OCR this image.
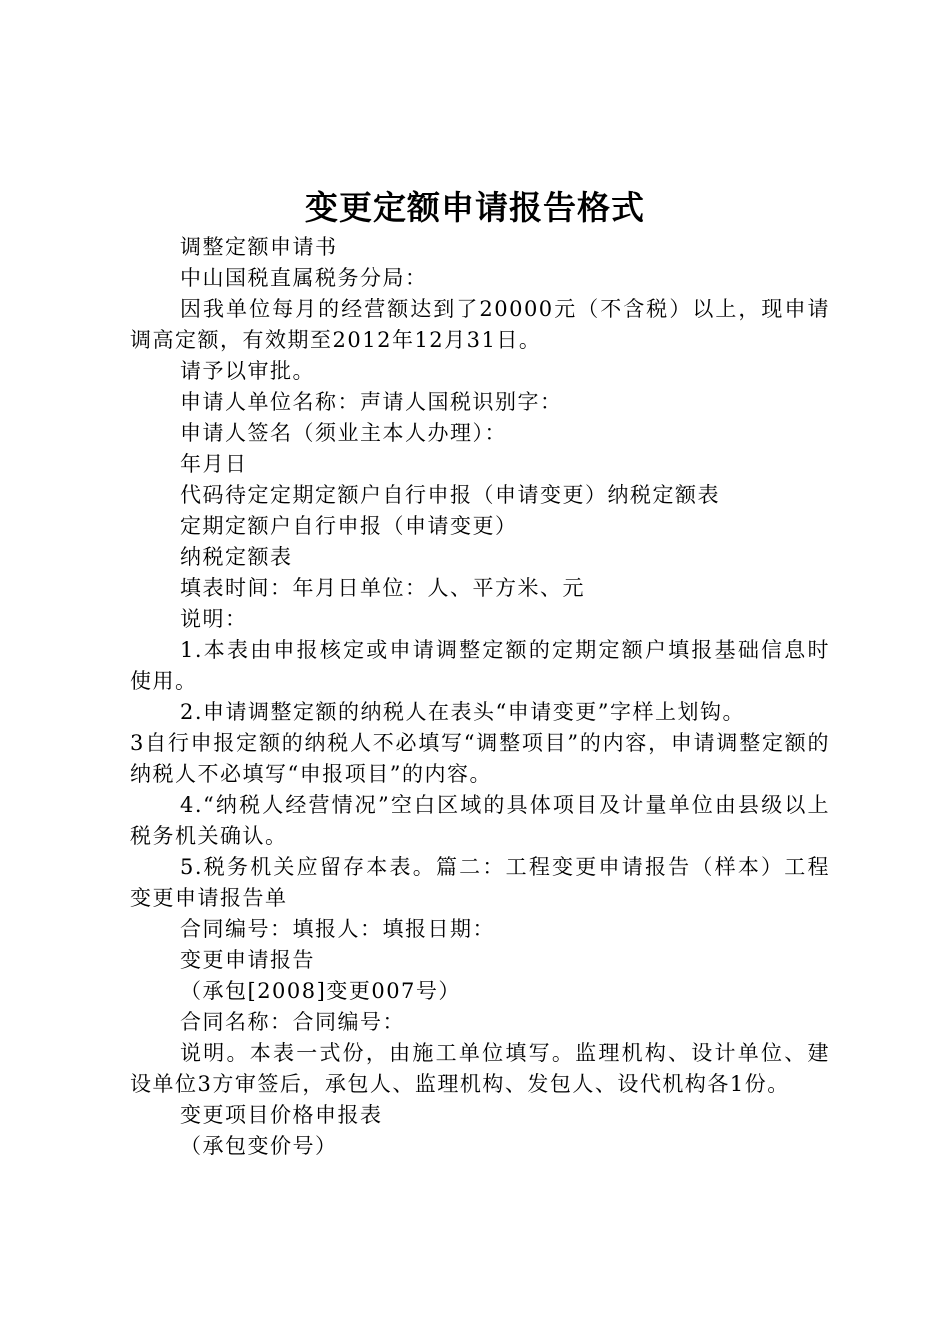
变更定额申请报告格式

调整定额申请书

中山国税直属税务分局：

因我单位每月的经营额达到了20000元（不含税）以上，现申请调高定额，有效期至2012年12月31日。

请予以审批。

申请人单位名称：声请人国税识别字：

申请人签名（须业主本人办理）：

年月日

代码待定定期定额户自行申报（申请变更）纳税定额表

定期定额户自行申报（申请变更）

纳税定额表

填表时间：年月日单位：人、平方米、元

说明：

1.本表由申报核定或申请调整定额的定期定额户填报基础信息时使用。

2.申请调整定额的纳税人在表头“申请变更”字样上划钩。

3自行申报定额的纳税人不必填写“调整项目”的内容，申请调整定额的纳税人不必填写“申报项目”的内容。

4.“纳税人经营情况”空白区域的具体项目及计量单位由县级以上税务机关确认。

5.税务机关应留存本表。篇二：工程变更申请报告（样本）工程变更申请报告单

合同编号：填报人：填报日期：

变更申请报告

（承包[2008]变更007号）

合同名称：合同编号：

说明。本表一式份，由施工单位填写。监理机构、设计单位、建设单位3方审签后，承包人、监理机构、发包人、设代机构各1份。

变更项目价格申报表

（承包变价号）
